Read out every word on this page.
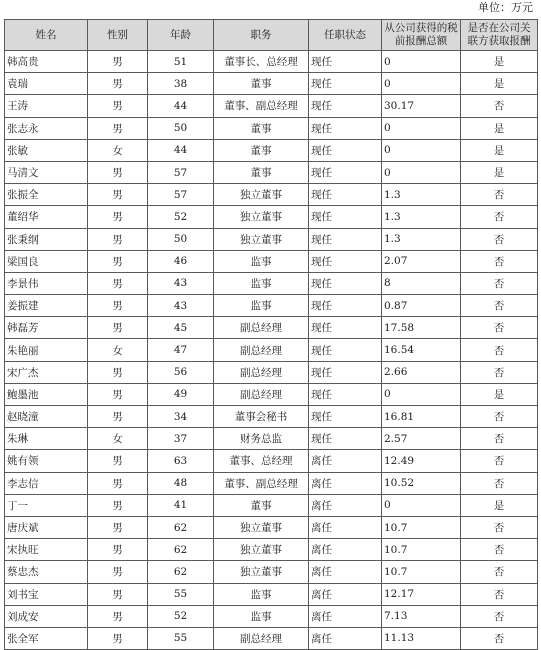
单位：万元
姓名	性别	年龄	职务	任职状态	从公司获得的税前报酬总额	是否在公司关联方获取报酬
韩高贵	男	51	董事长、总经理	现任	0	是
袁瑞	男	38	董事	现任	0	是
王涛	男	44	董事、副总经理	现任	30.17	否
张志永	男	50	董事	现任	0	是
张敏	女	44	董事	现任	0	是
马清文	男	57	董事	现任	0	是
张振全	男	57	独立董事	现任	1.3	否
董绍华	男	52	独立董事	现任	1.3	否
张秉纲	男	50	独立董事	现任	1.3	否
梁国良	男	46	监事	现任	2.07	否
李景伟	男	43	监事	现任	8	否
姜振建	男	43	监事	现任	0.87	否
韩磊芳	男	45	副总经理	现任	17.58	否
朱艳丽	女	47	副总经理	现任	16.54	否
宋广杰	男	56	副总经理	现任	2.66	否
鲍墨池	男	49	副总经理	现任	0	是
赵晓潼	男	34	董事会秘书	现任	16.81	否
朱琳	女	37	财务总监	现任	2.57	否
姚有领	男	63	董事、总经理	离任	12.49	否
李志信	男	48	董事、副总经理	离任	10.52	否
丁一	男	41	董事	离任	0	是
唐庆斌	男	62	独立董事	离任	10.7	否
宋执旺	男	62	独立董事	离任	10.7	否
蔡忠杰	男	62	独立董事	离任	10.7	否
刘书宝	男	55	监事	离任	12.17	否
刘成安	男	52	监事	离任	7.13	否
张全军	男	55	副总经理	离任	11.13	否
